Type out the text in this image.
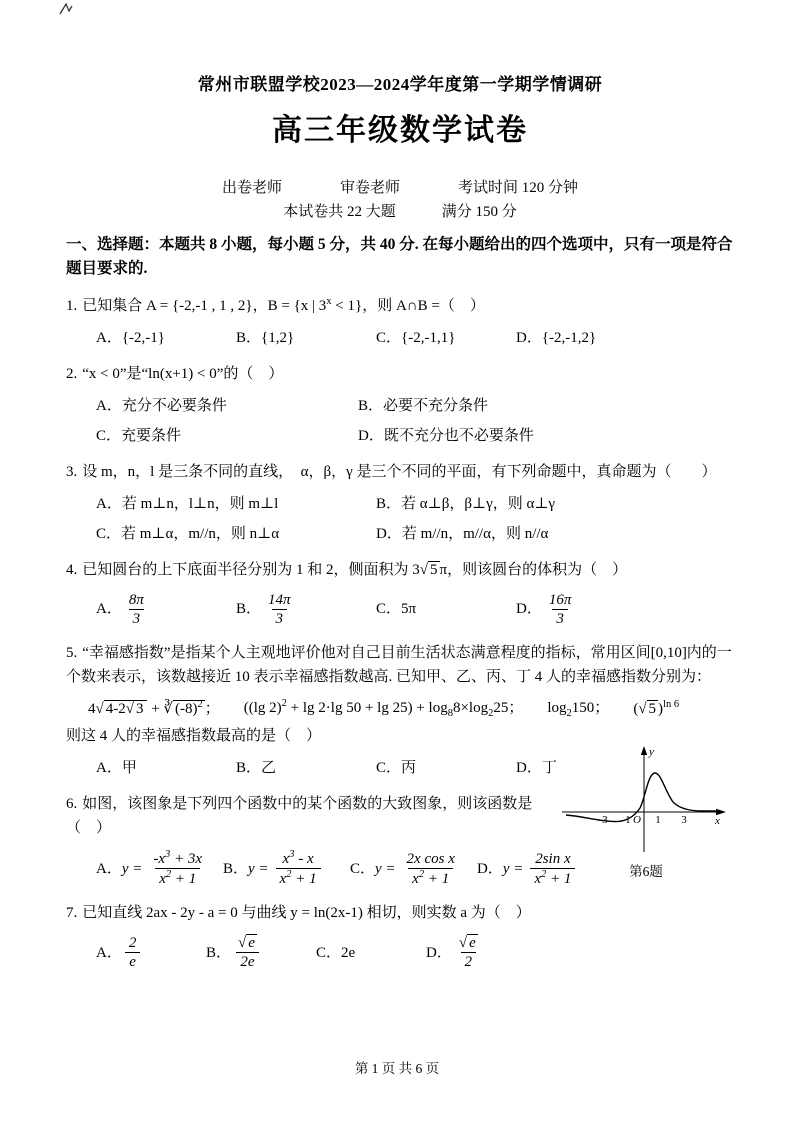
常州市联盟学校2023—2024学年度第一学期学情调研
高三年级数学试卷
出卷老师	审卷老师	考试时间 120 分钟
本试卷共 22 大题	满分 150 分

一、选择题：本题共 8 小题，每小题 5 分，共 40 分. 在每小题给出的四个选项中，只有一项是符合题目要求的.

1. 已知集合 A = {-2,-1 , 1 , 2}，B = {x | $3^x < 1$}，则 A∩B =（　）

A．{-2,-1}	B．{1,2}	C．{-2,-1,1}	D．{-2,-1,2}

2. “x < 0”是“ln(x+1) < 0”的（　）

A．充分不必要条件	B．必要不充分条件
C．充要条件	D．既不充分也不必要条件

3. 设 m，n，l 是三条不同的直线，　α，β，γ 是三个不同的平面，有下列命题中，真命题为（　　）

A．若 m⊥n，l⊥n，则 m⊥l	B．若 α⊥β，β⊥γ，则 α⊥γ
C．若 m⊥α，m//n，则 n⊥α	D．若 m//n，m//α，则 n//α

4. 已知圆台的上下底面半径分别为 1 和 2，侧面积为 3√ 5 π，则该圆台的体积为（　）

A． $\frac{8\pi}{3}$	B． $\frac{14\pi}{3}$	C． 5π	D． $\frac{16\pi}{3}$

5. “幸福感指数”是指某个人主观地评价他对自己目前生活状态满意程度的指标，常用区间[0,10]内的一个数来表示，该数越接近 10 表示幸福感指数越高. 已知甲、乙、丙、丁 4 人的幸福感指数分别为：

4√ 4-2√ 3 + ∛ $(-8)^2$ ； ((lg 2)$^2$ + lg 2·lg $50 + \lg 25) + \log_88\times\log_225$； $\log_2150$； (√ 5 )$^{ln 6}$

则这 4 人的幸福感指数最高的是（　）

A．甲	B．乙	C．丙	D．丁
y
x
O
-3 -1 1 3
第6题

6. 如图，该图象是下列四个函数中的某个函数的大致图象，则该函数是

（　）

A． $y = \frac{-x^3 + 3x}{x^2 + 1}$ B． $y = \frac{x^3 - x}{x^2 + 1}$ C． $y = \frac{\text{2x cos x}}{x^2 + 1}$ D． $y = \frac{\text{2sin x}}{x^2 + 1}$

7. 已知直线 2ax - 2y - a = 0 与曲线 y = ln(2x-1) 相切，则实数 a 为（　）

A． $\frac{2}{e}$	B． $\frac{√ e}{2e}$	C． 2e	D． $\frac{√ e}{2}$
第 1 页 共 6 页
